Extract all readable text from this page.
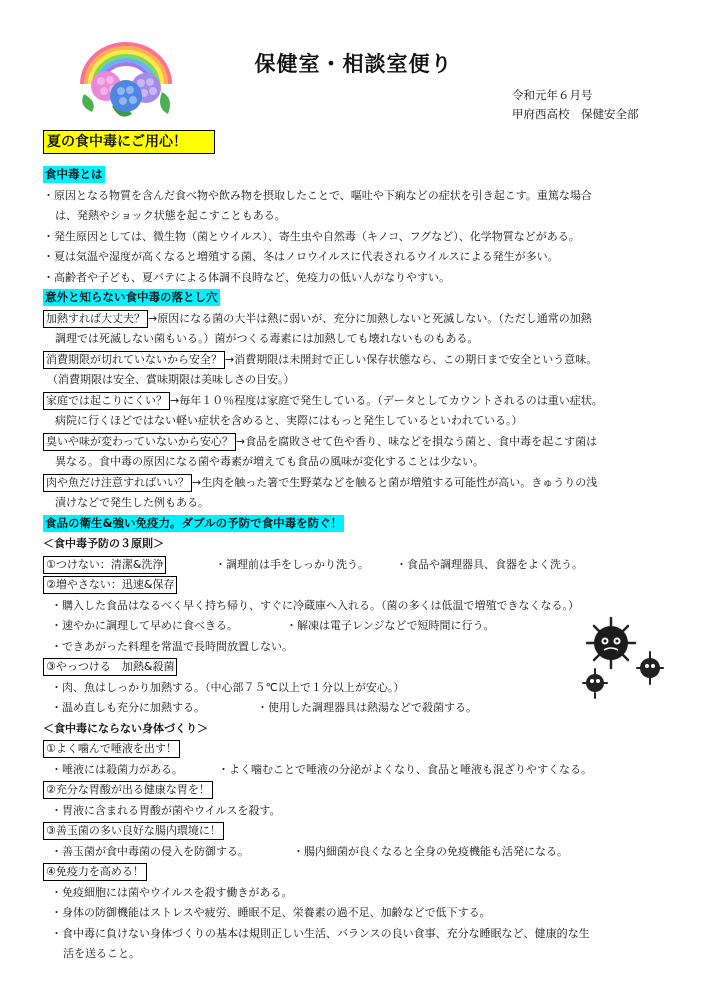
保健室・相談室便り
令和元年６月号
甲府西高校　保健安全部
夏の食中毒にご用心！
食中毒とは
・原因となる物質を含んだ食べ物や飲み物を摂取したことで、嘔吐や下痢などの症状を引き起こす。重篤な場合
は、発熱やショック状態を起こすこともある。
・発生原因としては、微生物（菌とウイルス）、寄生虫や自然毒（キノコ、フグなど）、化学物質などがある。
・夏は気温や湿度が高くなると増殖する菌、冬はノロウイルスに代表されるウイルスによる発生が多い。
・高齢者や子ども、夏バテによる体調不良時など、免疫力の低い人がなりやすい。
意外と知らない食中毒の落とし穴
加熱すれば大丈夫？ →原因になる菌の大半は熱に弱いが、充分に加熱しないと死滅しない。（ただし通常の加熱
調理では死滅しない菌もいる。）菌がつくる毒素には加熱しても壊れないものもある。
消費期限が切れていないから安全？ →消費期限は未開封で正しい保存状態なら、この期日まで安全という意味。
（消費期限は安全、賞味期限は美味しさの目安。）
家庭では起こりにくい？ →毎年１０％程度は家庭で発生している。（データとしてカウントされるのは重い症状。
病院に行くほどではない軽い症状を含めると、実際にはもっと発生しているといわれている。）
臭いや味が変わっていないから安心？ →食品を腐敗させて色や香り、味などを損なう菌と、食中毒を起こす菌は
異なる。食中毒の原因になる菌や毒素が増えても食品の風味が変化することは少ない。
肉や魚だけ注意すればいい？ →生肉を触った箸で生野菜などを触ると菌が増殖する可能性が高い。きゅうりの浅
漬けなどで発生した例もある。
食品の衛生&強い免疫力。ダブルの予防で食中毒を防ぐ！
＜食中毒予防の３原則＞
①つけない：清潔&洗浄	・調理前は手をしっかり洗う。 ・食品や調理器具、食器をよく洗う。
②増やさない：迅速&保存
・購入した食品はなるべく早く持ち帰り、すぐに冷蔵庫へ入れる。（菌の多くは低温で増殖できなくなる。）
・速やかに調理して早めに食べきる。	・解凍は電子レンジなどで短時間に行う。
・できあがった料理を常温で長時間放置しない。
③やっつける　加熱&殺菌
・肉、魚はしっかり加熱する。（中心部７５℃以上で１分以上が安心。）
・温め直しも充分に加熱する。	・使用した調理器具は熱湯などで殺菌する。
＜食中毒にならない身体づくり＞
①よく噛んで唾液を出す！
・唾液には殺菌力がある。	・よく噛むことで唾液の分泌がよくなり、食品と唾液も混ざりやすくなる。
②充分な胃酸が出る健康な胃を！
・胃液に含まれる胃酸が菌やウイルスを殺す。
③善玉菌の多い良好な腸内環境に！
・善玉菌が食中毒菌の侵入を防御する。	・腸内細菌が良くなると全身の免疫機能も活発になる。
④免疫力を高める！
・免疫細胞には菌やウイルスを殺す働きがある。
・身体の防御機能はストレスや疲労、睡眠不足、栄養素の過不足、加齢などで低下する。
・食中毒に負けない身体づくりの基本は規則正しい生活、バランスの良い食事、充分な睡眠など、健康的な生
活を送ること。
